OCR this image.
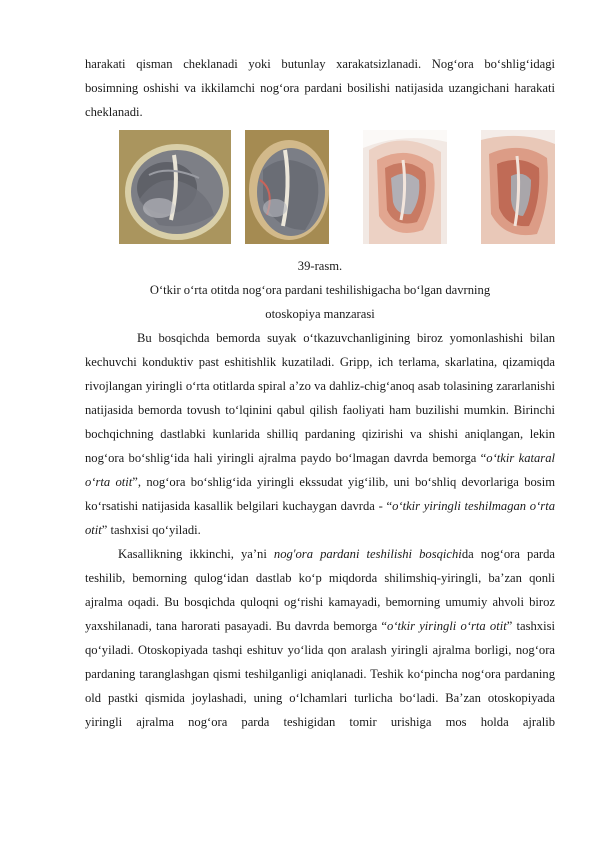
harakati qisman cheklanadi yoki butunlay xarakatsizlanadi. Nog‘ora bo‘shlig‘idagi bosimning oshishi va ikkilamchi nog‘ora pardani bosilishi natijasida uzangichani harakati cheklanadi.

39-rasm.

O‘tkir o‘rta otitda nog‘ora pardani teshilishigacha bo‘lgan davrning

otoskopiya manzarasi

Bu bosqichda bemorda suyak o‘tkazuvchanligining biroz yomonlashishi bilan kechuvchi konduktiv past eshitishlik kuzatiladi. Gripp, ich terlama, skarlatina, qizamiqda rivojlangan yiringli o‘rta otitlarda spiral a’zo va dahliz-chig‘anoq asab tolasining zararlanishi natijasida bemorda tovush to‘lqinini qabul qilish faoliyati ham buzilishi mumkin. Birinchi bochqichning dastlabki kunlarida shilliq pardaning qizirishi va shishi aniqlangan, lekin nog‘ora bo‘shlig‘ida hali yiringli ajralma paydo bo‘lmagan davrda bemorga “o‘tkir kataral o‘rta otit”, nog‘ora bo‘shlig‘ida yiringli ekssudat yig‘ilib, uni bo‘shliq devorlariga bosim ko‘rsatishi natijasida kasallik belgilari kuchaygan davrda - “o‘tkir yiringli teshilmagan o‘rta otit” tashxisi qo‘yiladi.

Kasallikning ikkinchi, ya’ni nog'ora pardani teshilishi bosqichida nog‘ora parda teshilib, bemorning qulog‘idan dastlab ko‘p miqdorda shilimshiq-yiringli, ba’zan qonli ajralma oqadi. Bu bosqichda quloqni og‘rishi kamayadi, bemorning umumiy ahvoli biroz yaxshilanadi, tana harorati pasayadi. Bu davrda bemorga “o‘tkir yiringli o‘rta otit” tashxisi qo‘yiladi. Otoskopiyada tashqi eshituv yo‘lida qon aralash yiringli ajralma borligi, nog‘ora pardaning taranglashgan qismi teshilganligi aniqlanadi. Teshik ko‘pincha nog‘ora pardaning old pastki qismida joylashadi, uning o‘lchamlari turlicha bo‘ladi. Ba’zan otoskopiyada yiringli ajralma nog‘ora parda teshigidan tomir urishiga mos holda ajralib
